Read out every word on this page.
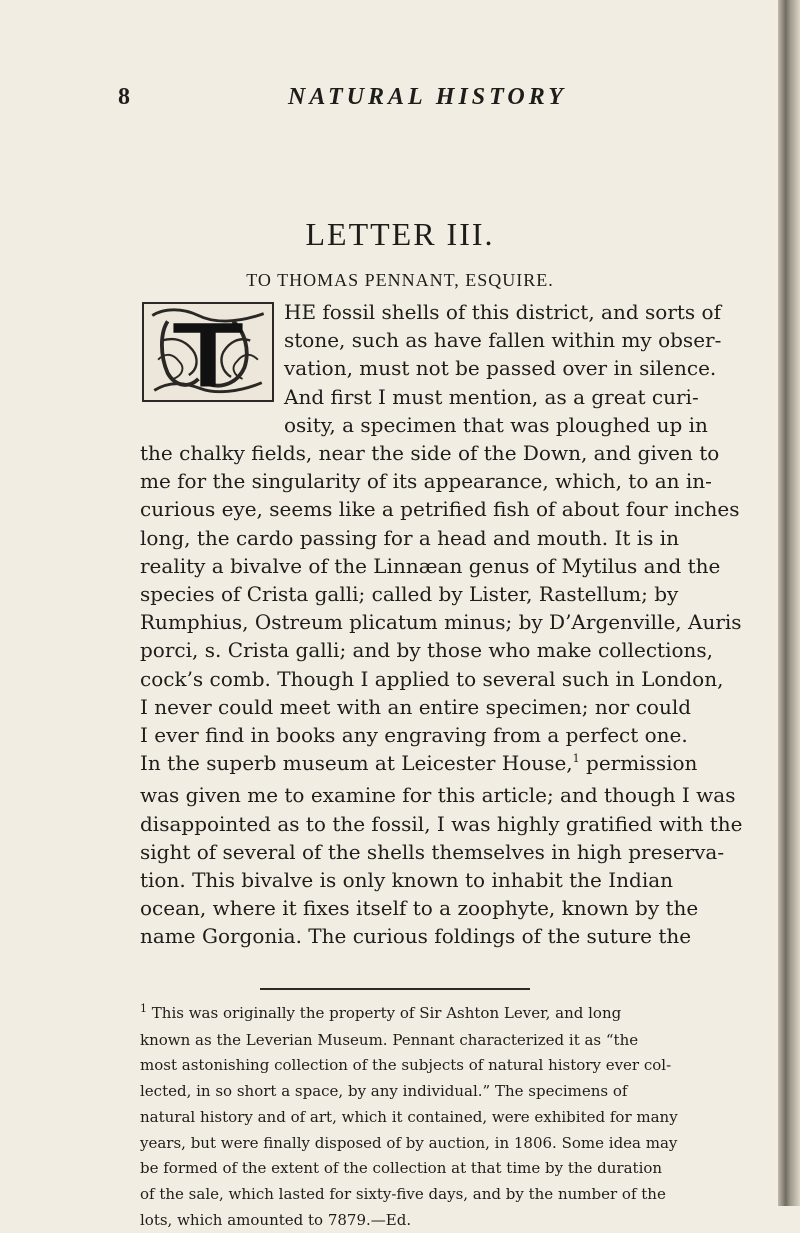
8	NATURAL HISTORY
LETTER III.
TO THOMAS PENNANT, ESQUIRE.
HE fossil shells of this district, and sorts of
stone, such as have fallen within my obser-
vation, must not be passed over in silence.
And first I must mention, as a great curi-
osity, a specimen that was ploughed up in
the chalky fields, near the side of the Down, and given to
me for the singularity of its appearance, which, to an in-
curious eye, seems like a petrified fish of about four inches
long, the cardo passing for a head and mouth. It is in
reality a bivalve of the Linnæan genus of Mytilus and the
species of Crista galli; called by Lister, Rastellum; by
Rumphius, Ostreum plicatum minus; by D’Argenville, Auris
porci, s. Crista galli; and by those who make collections,
cock’s comb. Though I applied to several such in London,
I never could meet with an entire specimen; nor could
I ever find in books any engraving from a perfect one.
In the superb museum at Leicester House,$^1$ permission
was given me to examine for this article; and though I was
disappointed as to the fossil, I was highly gratified with the
sight of several of the shells themselves in high preserva-
tion. This bivalve is only known to inhabit the Indian
ocean, where it fixes itself to a zoophyte, known by the
name Gorgonia. The curious foldings of the suture the
$^1$ This was originally the property of Sir Ashton Lever, and long
known as the Leverian Museum. Pennant characterized it as “the
most astonishing collection of the subjects of natural history ever col-
lected, in so short a space, by any individual.” The specimens of
natural history and of art, which it contained, were exhibited for many
years, but were finally disposed of by auction, in 1806. Some idea may
be formed of the extent of the collection at that time by the duration
of the sale, which lasted for sixty-five days, and by the number of the
lots, which amounted to 7879.—Ed.
